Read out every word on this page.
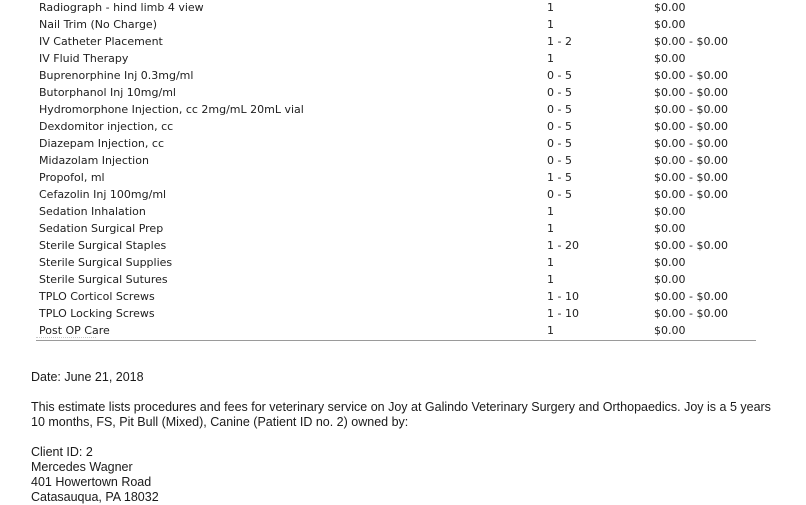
Radiograph - hind limb 4 view	1	$0.00
Nail Trim (No Charge)	1	$0.00
IV Catheter Placement	1 - 2	$0.00 - $0.00
IV Fluid Therapy	1	$0.00
Buprenorphine Inj 0.3mg/ml	0 - 5	$0.00 - $0.00
Butorphanol Inj 10mg/ml	0 - 5	$0.00 - $0.00
Hydromorphone Injection, cc 2mg/mL 20mL vial	0 - 5	$0.00 - $0.00
Dexdomitor injection, cc	0 - 5	$0.00 - $0.00
Diazepam Injection, cc	0 - 5	$0.00 - $0.00
Midazolam Injection	0 - 5	$0.00 - $0.00
Propofol, ml	1 - 5	$0.00 - $0.00
Cefazolin Inj 100mg/ml	0 - 5	$0.00 - $0.00
Sedation Inhalation	1	$0.00
Sedation Surgical Prep	1	$0.00
Sterile Surgical Staples	1 - 20	$0.00 - $0.00
Sterile Surgical Supplies	1	$0.00
Sterile Surgical Sutures	1	$0.00
TPLO Corticol Screws	1 - 10	$0.00 - $0.00
TPLO Locking Screws	1 - 10	$0.00 - $0.00
Post OP Care	1	$0.00

Date: June 21, 2018

This estimate lists procedures and fees for veterinary service on Joy at Galindo Veterinary Surgery and Orthopaedics. Joy is a 5 years 10 months, FS, Pit Bull (Mixed), Canine (Patient ID no. 2) owned by:

Client ID: 2

Mercedes Wagner

401 Howertown Road

Catasauqua, PA 18032
